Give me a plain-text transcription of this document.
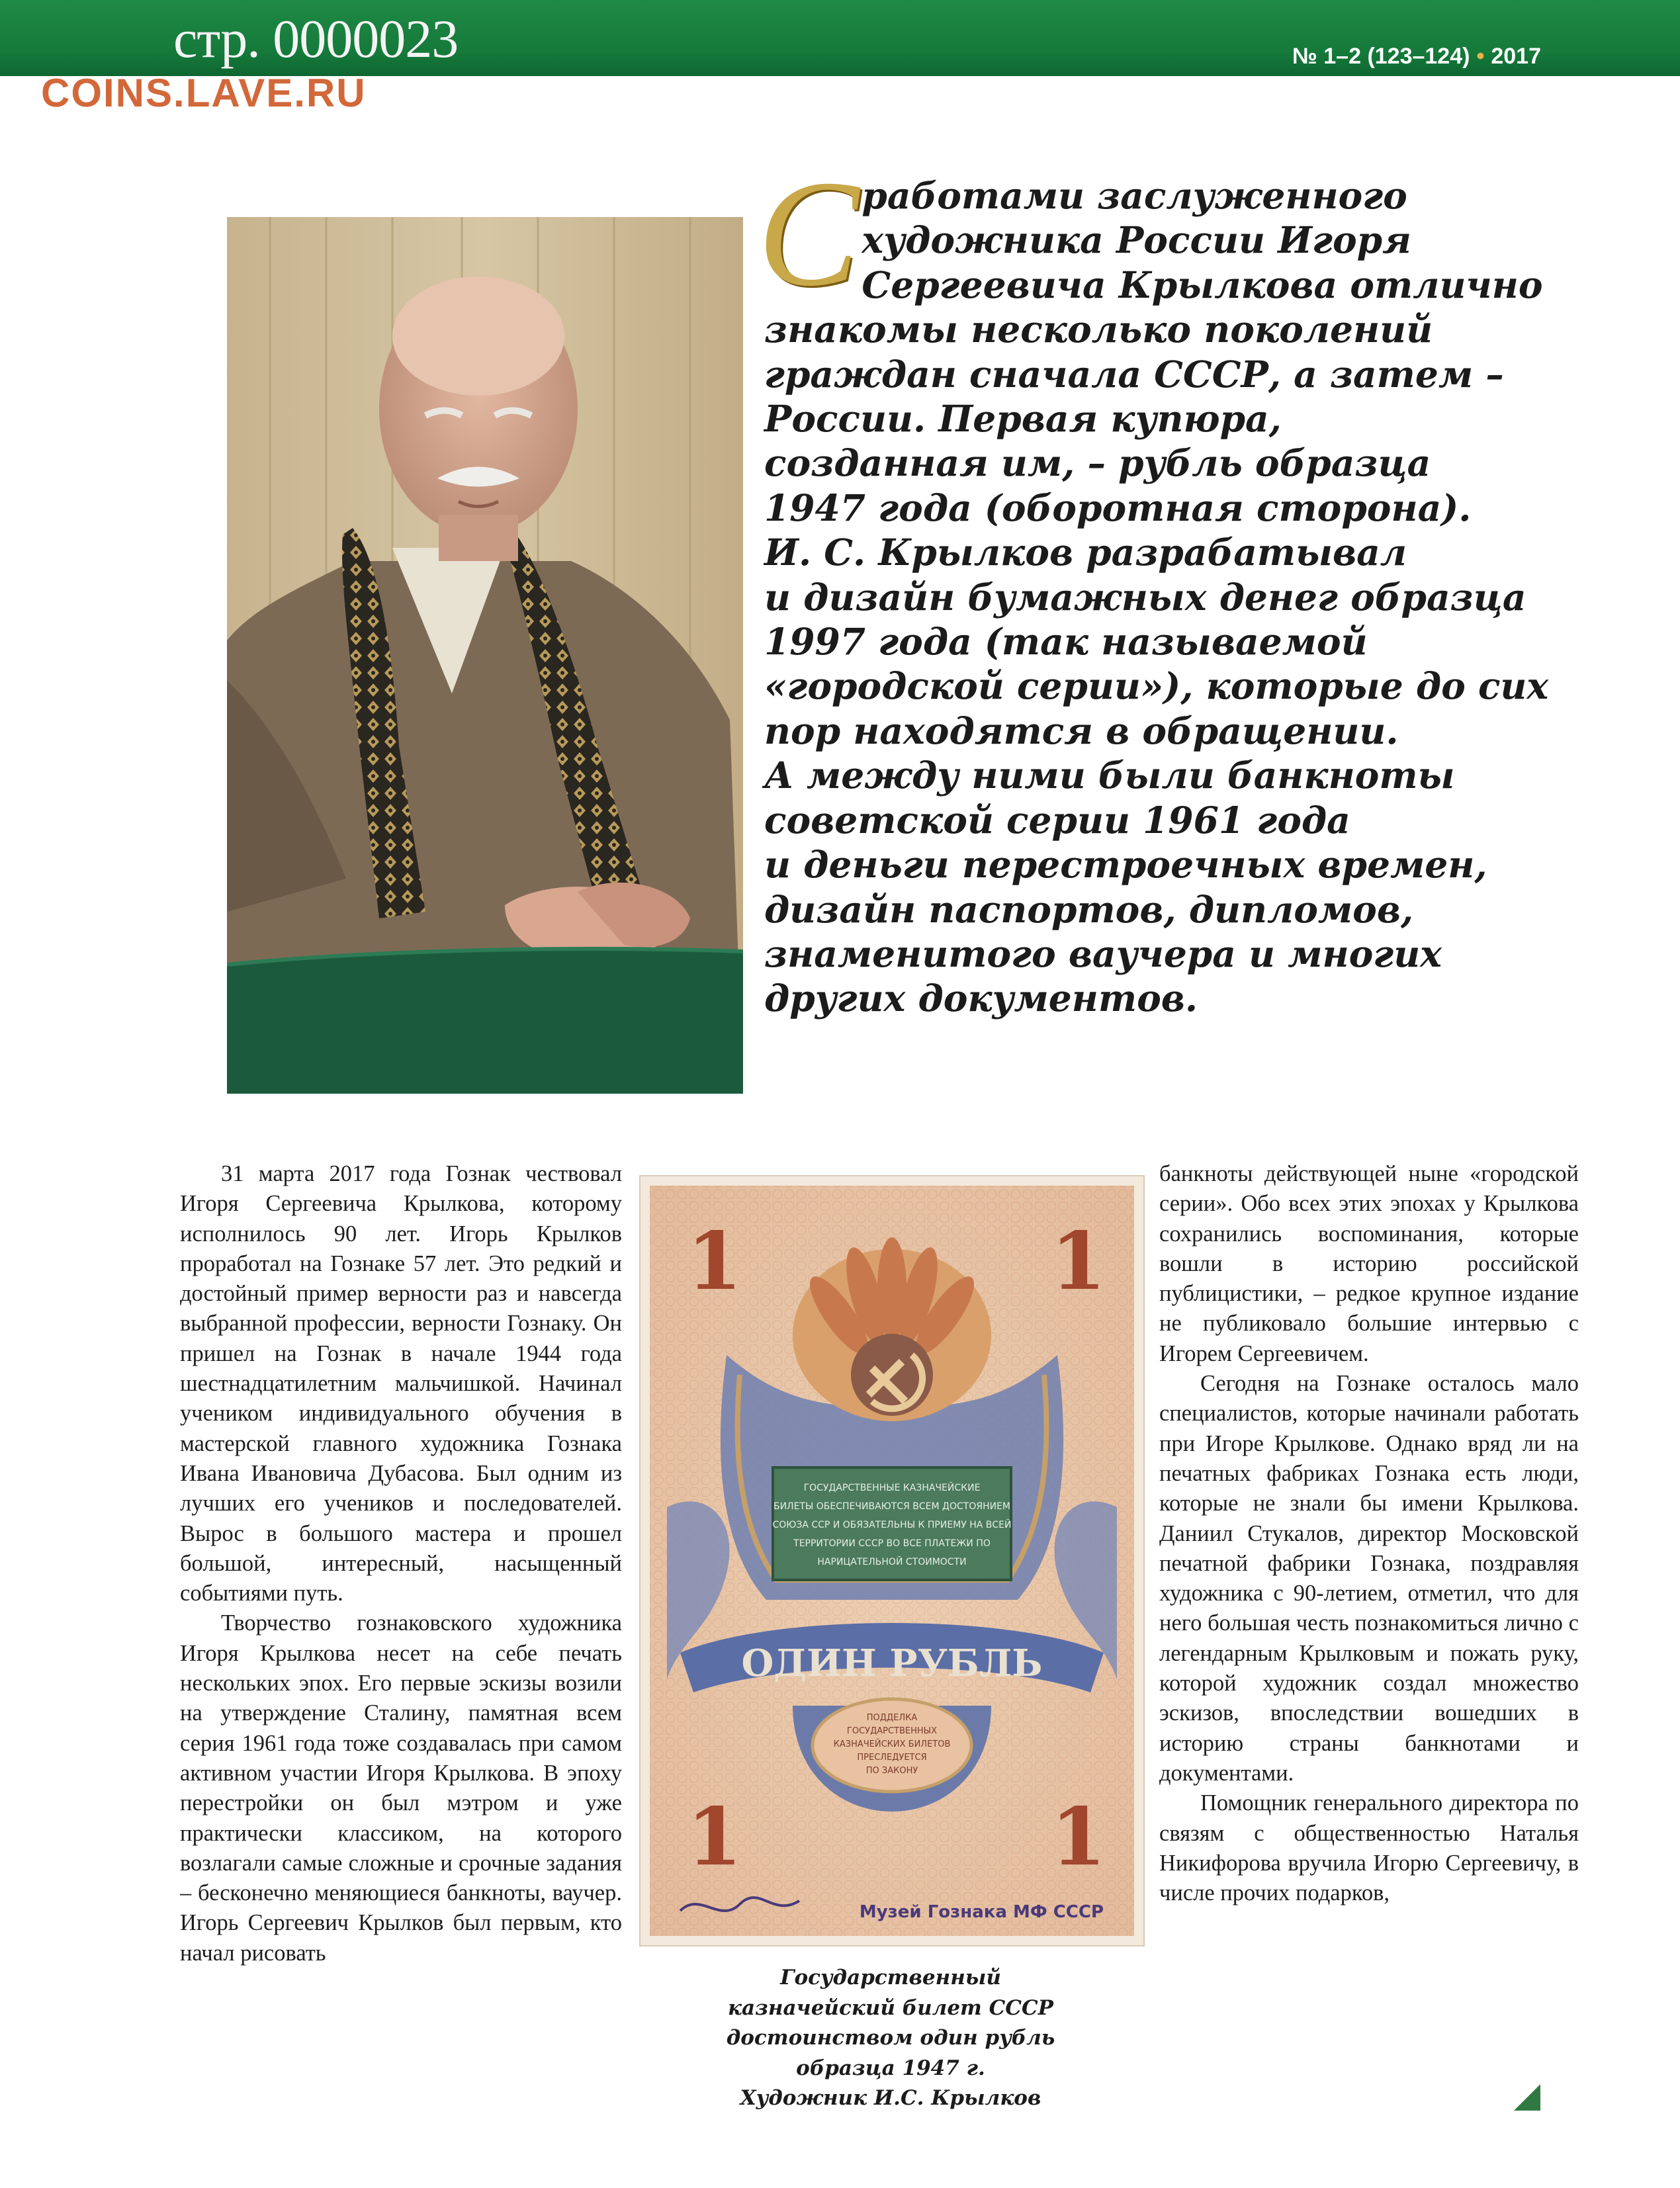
стр. 0000023
COINS.LAVE.RU
№ 1–2 (123–124) • 2017
С работами заслуженного
художника России Игоря
Сергеевича Крылкова отлично
знакомы несколько поколений
граждан сначала СССР, а затем –
России. Первая купюра,
созданная им, – рубль образца
1947 года (оборотная сторона).
И. С. Крылков разрабатывал
и дизайн бумажных денег образца
1997 года (так называемой
«городской серии»), которые до сих
пор находятся в обращении.
А между ними были банкноты
советской серии 1961 года
и деньги перестроечных времен,
дизайн паспортов, дипломов,
знаменитого ваучера и многих
других документов.

31 марта 2017 года Гознак чествовал Игоря Сергеевича Крылкова, которому исполнилось 90 лет. Игорь Крылков проработал на Гознаке 57 лет. Это редкий и достойный пример верности раз и навсегда выбранной профессии, верности Гознаку. Он пришел на Гознак в начале 1944 года шестнадцатилетним мальчишкой. Начинал учеником индивидуального обучения в мастерской главного художника Гознака Ивана Ивановича Дубасова. Был одним из лучших его учеников и последователей. Вырос в большого мастера и прошел большой, интересный, насыщенный событиями путь.

Творчество гознаковского художника Игоря Крылкова несет на себе печать нескольких эпох. Его первые эскизы возили на утверждение Сталину, памятная всем серия 1961 года тоже создавалась при самом активном участии Игоря Крылкова. В эпоху перестройки он был мэтром и уже практически классиком, на которого возлагали самые сложные и срочные задания – бесконечно меняющиеся банкноты, ваучер. Игорь Сергеевич Крылков был первым, кто начал рисовать

1	1
1	1
ГОСУДАРСТВЕННЫЕ КАЗНАЧЕЙСКИЕ
БИЛЕТЫ ОБЕСПЕЧИВАЮТСЯ ВСЕМ ДОСТОЯНИЕМ
СОЮЗА ССР И ОБЯЗАТЕЛЬНЫ К ПРИЕМУ НА ВСЕЙ
ТЕРРИТОРИИ СССР ВО ВСЕ ПЛАТЕЖИ ПО
НАРИЦАТЕЛЬНОЙ СТОИМОСТИ
ОДИН РУБЛЬ
ПОДДЕЛКА
ГОСУДАРСТВЕННЫХ
КАЗНАЧЕЙСКИХ БИЛЕТОВ
ПРЕСЛЕДУЕТСЯ
ПО ЗАКОНУ
Музей Гознака МФ СССР
Государственный
казначейский билет СССР
достоинством один рубль
образца 1947 г.
Художник И.С. Крылков

банкноты действующей ныне «городской серии». Обо всех этих эпохах у Крылкова сохранились воспоминания, которые вошли в историю российской публицистики, – редкое крупное издание не публиковало большие интервью с Игорем Сергеевичем.

Сегодня на Гознаке осталось мало специалистов, которые начинали работать при Игоре Крылкове. Однако вряд ли на печатных фабриках Гознака есть люди, которые не знали бы имени Крылкова. Даниил Стукалов, директор Московской печатной фабрики Гознака, поздравляя художника с 90-летием, отметил, что для него большая честь познакомиться лично с легендарным Крылковым и пожать руку, которой художник создал множество эскизов, впоследствии вошедших в историю страны банкнотами и документами.

Помощник генерального директора по связям с общественностью Наталья Никифорова вручила Игорю Сергеевичу, в числе прочих подарков,
